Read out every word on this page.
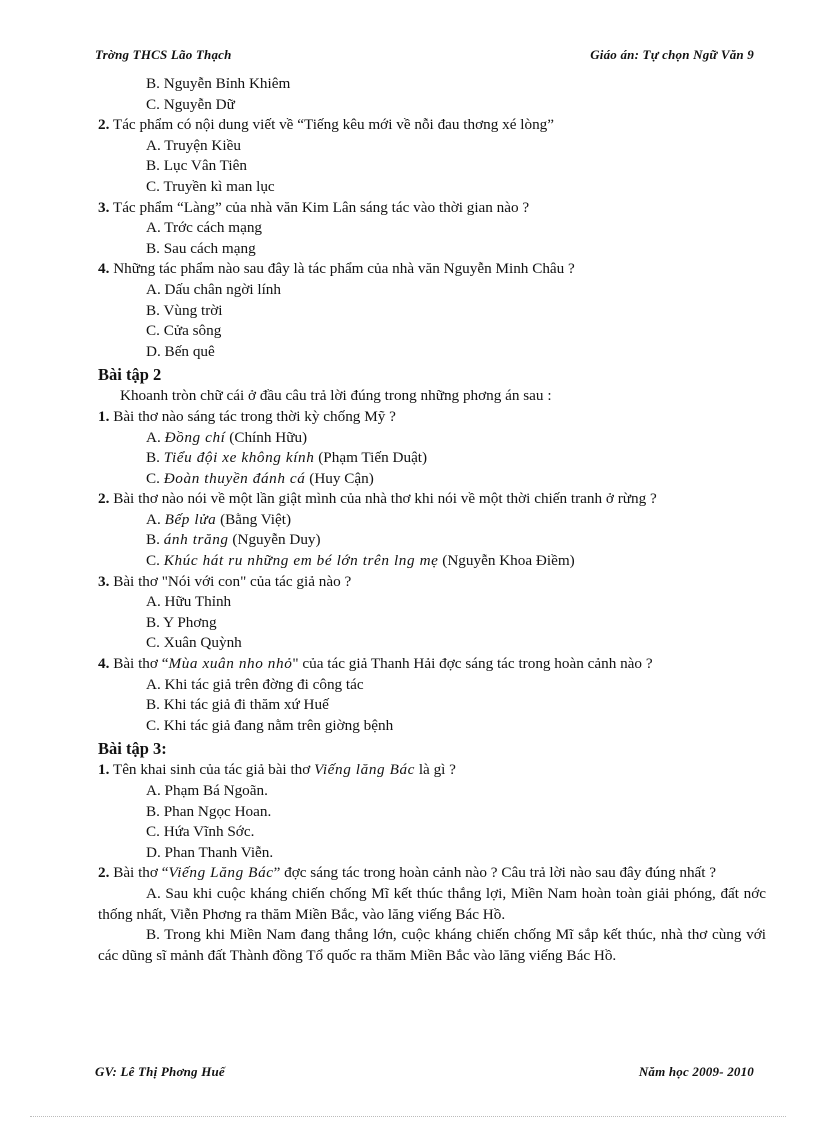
Trờng THCS Lão Thạch	Giáo án: Tự chọn Ngữ Văn 9
B. Nguyễn Bỉnh Khiêm
C. Nguyễn Dữ
2. Tác phẩm có nội dung viết về “Tiếng kêu mới về nỗi đau thơng xé lòng”
A. Truyện Kiều
B. Lục Vân Tiên
C. Truyền kì man lục
3. Tác phẩm “Làng” của nhà văn Kim Lân sáng tác vào thời gian nào ?
A. Trớc cách mạng
B. Sau cách mạng
4. Những tác phẩm nào sau đây là tác phẩm của nhà văn Nguyễn Minh Châu ?
A. Dấu chân ngời lính
B. Vùng trời
C. Cửa sông
D. Bến quê
Bài tập 2
Khoanh tròn chữ cái ở đầu câu trả lời đúng trong những phơng án sau :
1. Bài thơ nào sáng tác trong thời kỳ chống Mỹ ?
A. Đồng chí (Chính Hữu)
B. Tiểu đội xe không kính (Phạm Tiến Duật)
C. Đoàn thuyền đánh cá (Huy Cận)
2. Bài thơ nào nói về một lần giật mình của nhà thơ khi nói về một thời chiến tranh ở rừng ?
A. Bếp lửa (Bằng Việt)
B. ánh trăng (Nguyễn Duy)
C. Khúc hát ru những em bé lớn trên lng mẹ (Nguyễn Khoa Điềm)
3. Bài thơ "Nói với con" của tác giả nào ?
A. Hữu Thỉnh
B. Y Phơng
C. Xuân Quỳnh
4. Bài thơ “Mùa xuân nho nhỏ" của tác giả Thanh Hải đợc sáng tác trong hoàn cảnh nào ?
A. Khi tác giả trên đờng đi công tác
B. Khi tác giả đi thăm xứ Huế
C. Khi tác giả đang nằm trên giờng bệnh
Bài tập 3:
1. Tên khai sinh của tác giả bài thơ Viếng lăng Bác là gì ?
A. Phạm Bá Ngoãn.
B. Phan Ngọc Hoan.
C. Hứa Vĩnh Sớc.
D. Phan Thanh Viễn.
2. Bài thơ “Viếng Lăng Bác” đợc sáng tác trong hoàn cảnh nào ? Câu trả lời nào sau đây đúng nhất ?
A. Sau khi cuộc kháng chiến chống Mĩ kết thúc thắng lợi, Miền Nam hoàn toàn giải phóng, đất nớc thống nhất, Viễn Phơng ra thăm Miền Bắc, vào lăng viếng Bác Hồ.
B. Trong khi Miền Nam đang thắng lớn, cuộc kháng chiến chống Mĩ sắp kết thúc, nhà thơ cùng với các dũng sĩ mảnh đất Thành đồng Tổ quốc ra thăm Miền Bắc vào lăng viếng Bác Hồ.
GV: Lê Thị Phơng Huế	Năm học 2009- 2010
